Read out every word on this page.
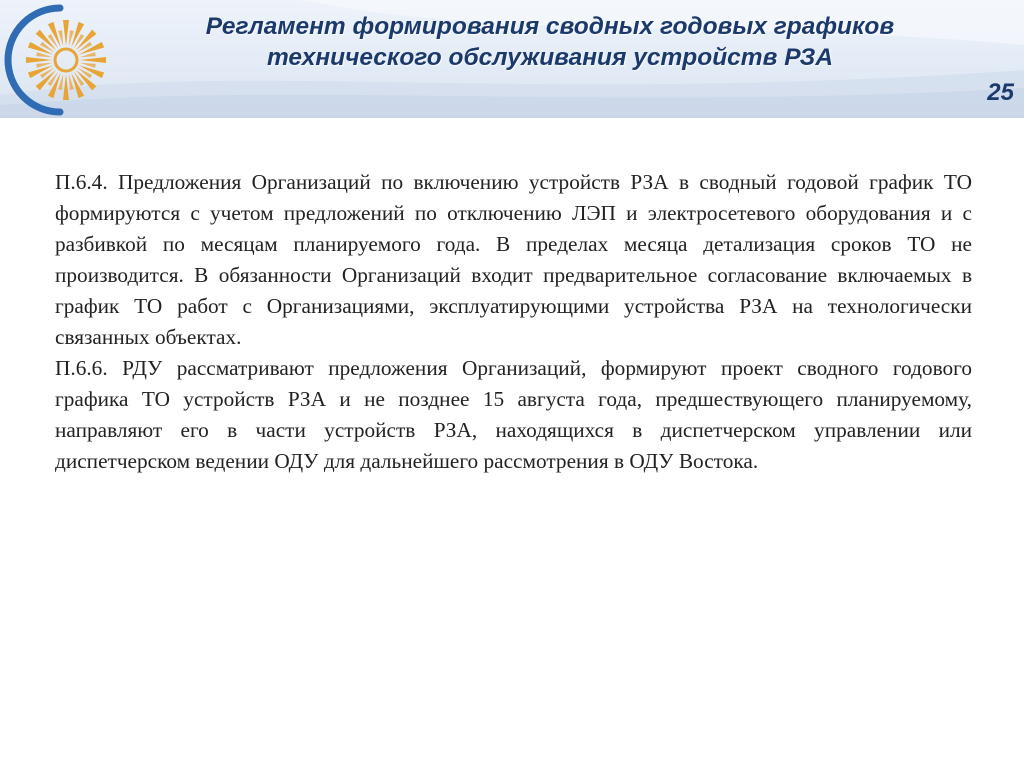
Регламент формирования сводных годовых графиков
технического обслуживания устройств РЗА
25

П.6.4. Предложения Организаций по включению устройств РЗА в сводный годовой график ТО формируются с учетом предложений по отключению ЛЭП и электросетевого оборудования и с разбивкой по месяцам планируемого года. В пределах месяца детализация сроков ТО не производится. В обязанности Организаций входит предварительное согласование включаемых в график ТО работ с Организациями, эксплуатирующими устройства РЗА на технологически связанных объектах.

П.6.6. РДУ рассматривают предложения Организаций, формируют проект сводного годового графика ТО устройств РЗА и не позднее 15 августа года, предшествующего планируемому, направляют его в части устройств РЗА, находящихся в диспетчерском управлении или диспетчерском ведении ОДУ для дальнейшего рассмотрения в ОДУ Востока.
